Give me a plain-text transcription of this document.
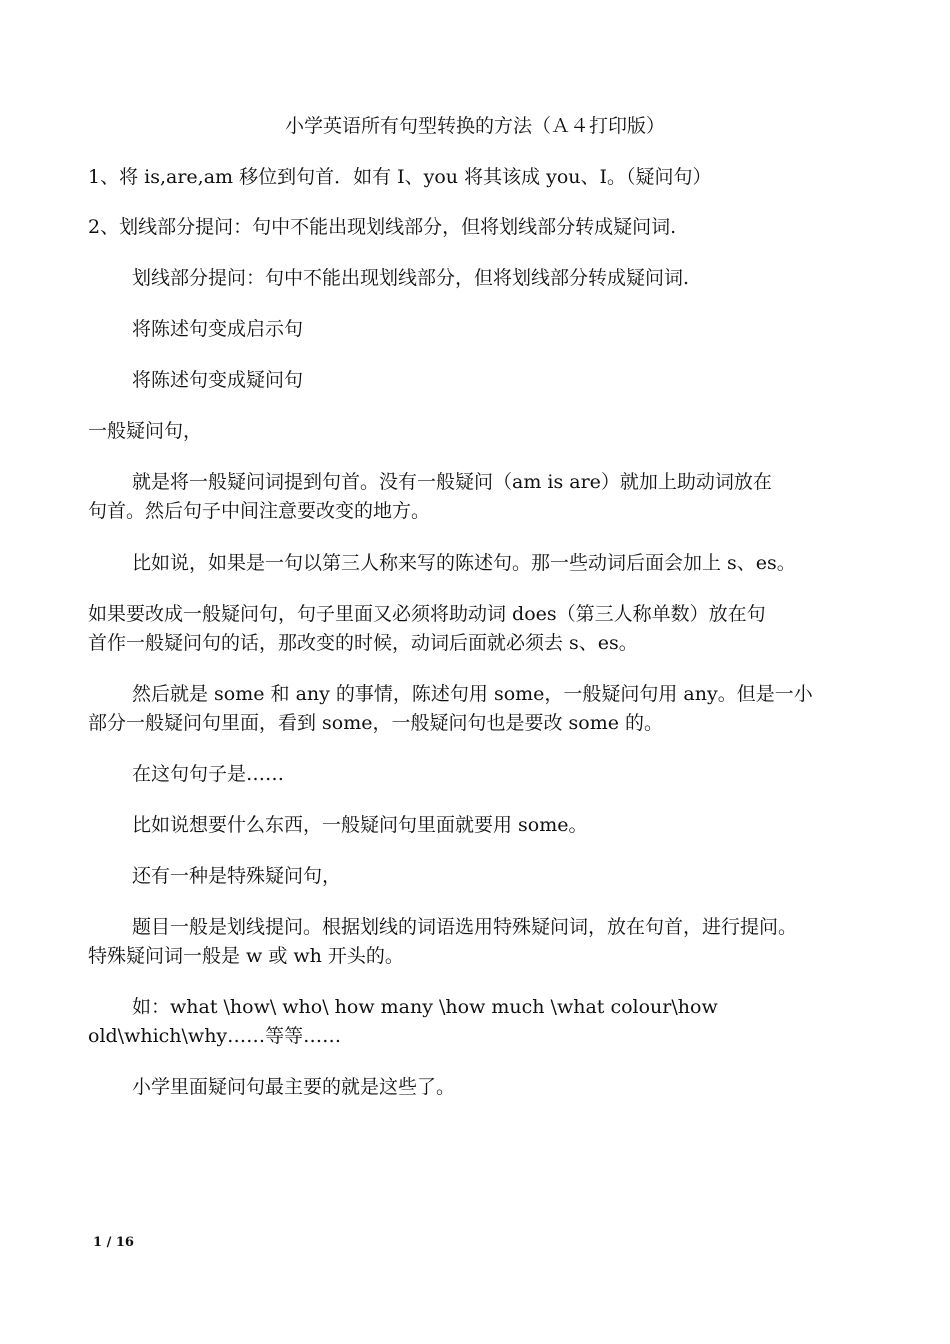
小学英语所有句型转换的方法（Ａ４打印版）
1、将 is,are,am 移位到句首．如有 I、you 将其该成 you、I。（疑问句）
2、划线部分提问：句中不能出现划线部分，但将划线部分转成疑问词.
划线部分提问：句中不能出现划线部分，但将划线部分转成疑问词.
将陈述句变成启示句
将陈述句变成疑问句
一般疑问句，
就是将一般疑问词提到句首。没有一般疑问（am is are）就加上助动词放在
句首。然后句子中间注意要改变的地方。
比如说，如果是一句以第三人称来写的陈述句。那一些动词后面会加上 s、es。
如果要改成一般疑问句，句子里面又必须将助动词 does（第三人称单数）放在句
首作一般疑问句的话，那改变的时候，动词后面就必须去 s、es。
然后就是 some 和 any 的事情，陈述句用 some，一般疑问句用 any。但是一小
部分一般疑问句里面，看到 some，一般疑问句也是要改 some 的。
在这句句子是……
比如说想要什么东西，一般疑问句里面就要用 some。
还有一种是特殊疑问句，
题目一般是划线提问。根据划线的词语选用特殊疑问词，放在句首，进行提问。
特殊疑问词一般是 w 或 wh 开头的。
如：what \how\ who\ how many \how much \what colour\how
old\which\why……等等……
小学里面疑问句最主要的就是这些了。
1 / 16
